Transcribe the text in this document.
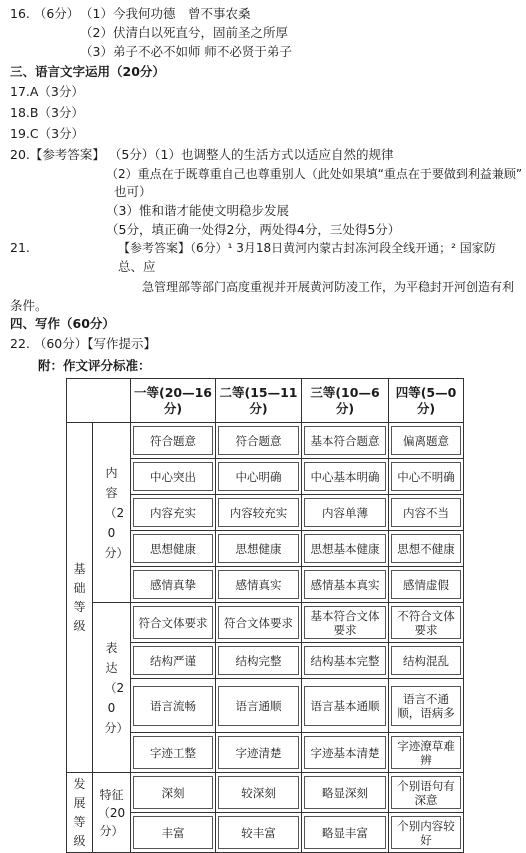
16. （6分） （1）今我何功德　曾不事农桑
（2）伏清白以死直兮，固前圣之所厚
（3）弟子不必不如师 师不必贤于弟子
三、语言文字运用（20分）
17.A（3分）
18.B（3分）
19.C（3分）
20.【参考答案】 （5分）（1）也调整人的生活方式以适应自然的规律
（2）重点在于既尊重自己也尊重别人（此处如果填“重点在于要做到利益兼顾”
也可）
（3）惟和谐才能使文明稳步发展
（5分，填正确一处得2分，两处得4分，三处得5分）
21.	【参考答案】（6分）¹ 3月18日黄河内蒙古封冻河段全线开通；² 国家防
总、应
急管理部等部门高度重视并开展黄河防凌工作，为平稳封开河创造有利
条件。
四、写作（60分）
22. （60分）【写作提示】
附：作文评分标准：
		一等(20—16分)	二等(15—11分)	三等(10—6分)	四等(5—0分)

基础等级	内容（20分）	符合题意	符合题意	基本符合题意	偏离题意

中心突出	中心明确	中心基本明确	中心不明确

内容充实	内容较充实	内容单薄	内容不当

思想健康	思想健康	思想基本健康	思想不健康

感情真挚	感情真实	感情基本真实	感情虚假

	表达（20分）	符合文体要求	符合文体要求	基本符合文体要求	不符合文体要求

结构严谨	结构完整	结构基本完整	结构混乱

语言流畅	语言通顺	语言基本通顺	语言不通顺，语病多

字迹工整	字迹清楚	字迹基本清楚	字迹潦草难辨

发展等级	特征（20分）	深刻	较深刻	略显深刻	个别语句有深意

丰富	较丰富	略显丰富	个别内容较好
